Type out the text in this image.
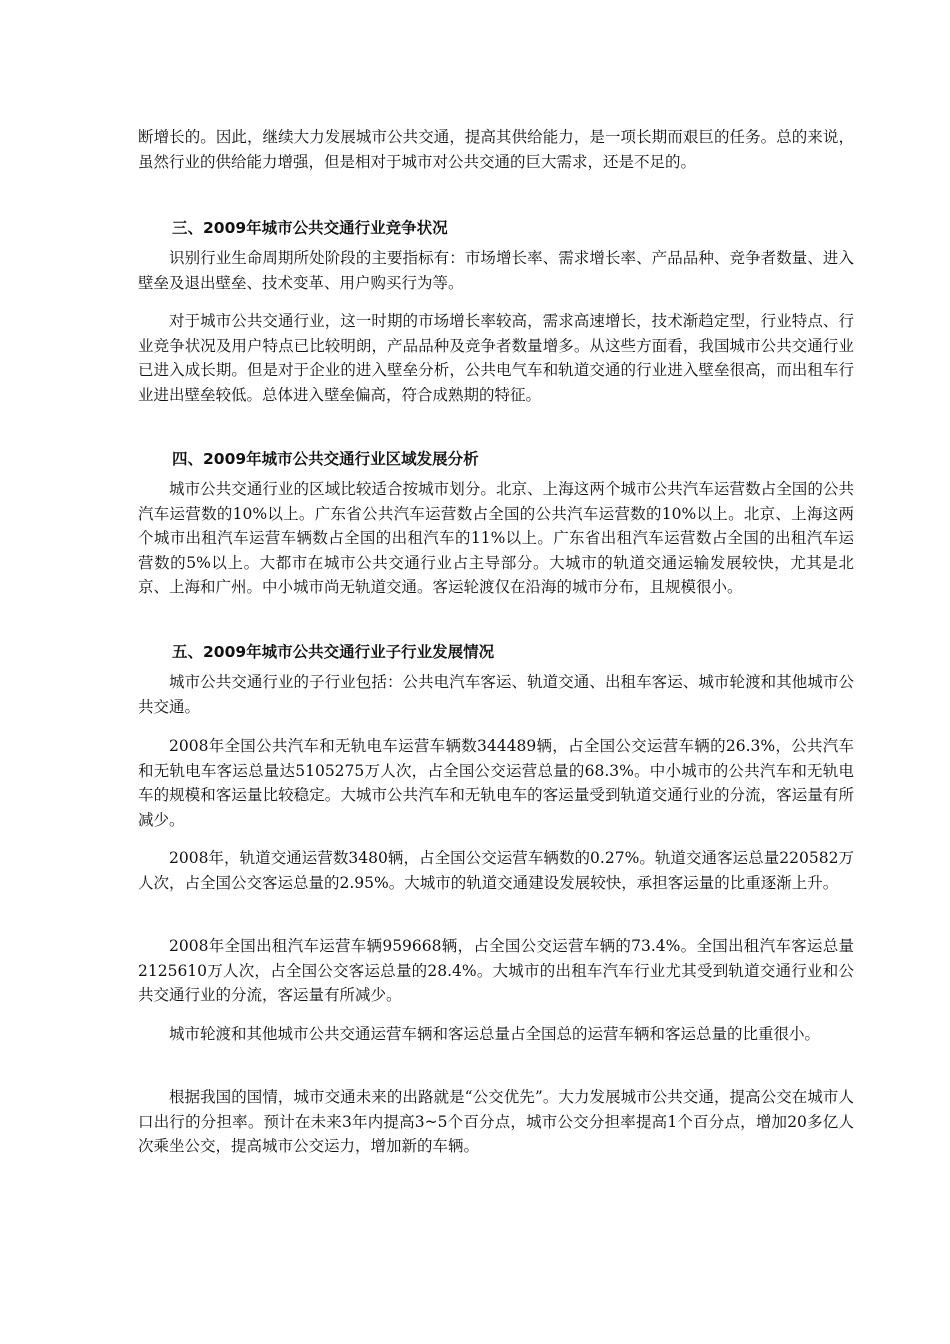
断增长的。因此，继续大力发展城市公共交通，提高其供给能力，是一项长期而艰巨的任务。总的来说，虽然行业的供给能力增强，但是相对于城市对公共交通的巨大需求，还是不足的。

三、2009年城市公共交通行业竞争状况

识别行业生命周期所处阶段的主要指标有：市场增长率、需求增长率、产品品种、竞争者数量、进入壁垒及退出壁垒、技术变革、用户购买行为等。

对于城市公共交通行业，这一时期的市场增长率较高，需求高速增长，技术渐趋定型，行业特点、行业竞争状况及用户特点已比较明朗，产品品种及竞争者数量增多。从这些方面看，我国城市公共交通行业已进入成长期。但是对于企业的进入壁垒分析，公共电气车和轨道交通的行业进入壁垒很高，而出租车行业进出壁垒较低。总体进入壁垒偏高，符合成熟期的特征。

四、2009年城市公共交通行业区域发展分析

城市公共交通行业的区域比较适合按城市划分。北京、上海这两个城市公共汽车运营数占全国的公共汽车运营数的10%以上。广东省公共汽车运营数占全国的公共汽车运营数的10%以上。北京、上海这两个城市出租汽车运营车辆数占全国的出租汽车的11%以上。广东省出租汽车运营数占全国的出租汽车运营数的5%以上。大都市在城市公共交通行业占主导部分。大城市的轨道交通运输发展较快，尤其是北京、上海和广州。中小城市尚无轨道交通。客运轮渡仅在沿海的城市分布，且规模很小。

五、2009年城市公共交通行业子行业发展情况

城市公共交通行业的子行业包括：公共电汽车客运、轨道交通、出租车客运、城市轮渡和其他城市公共交通。

2008年全国公共汽车和无轨电车运营车辆数344489辆，占全国公交运营车辆的26.3%，公共汽车和无轨电车客运总量达5105275万人次，占全国公交运营总量的68.3%。中小城市的公共汽车和无轨电车的规模和客运量比较稳定。大城市公共汽车和无轨电车的客运量受到轨道交通行业的分流，客运量有所减少。

2008年，轨道交通运营数3480辆，占全国公交运营车辆数的0.27%。轨道交通客运总量220582万人次，占全国公交客运总量的2.95%。大城市的轨道交通建设发展较快，承担客运量的比重逐渐上升。

2008年全国出租汽车运营车辆959668辆，占全国公交运营车辆的73.4%。全国出租汽车客运总量2125610万人次，占全国公交客运总量的28.4%。大城市的出租车汽车行业尤其受到轨道交通行业和公共交通行业的分流，客运量有所减少。

城市轮渡和其他城市公共交通运营车辆和客运总量占全国总的运营车辆和客运总量的比重很小。

根据我国的国情，城市交通未来的出路就是“公交优先”。大力发展城市公共交通，提高公交在城市人口出行的分担率。预计在未来3年内提高3~5个百分点，城市公交分担率提高1个百分点，增加20多亿人次乘坐公交，提高城市公交运力，增加新的车辆。
